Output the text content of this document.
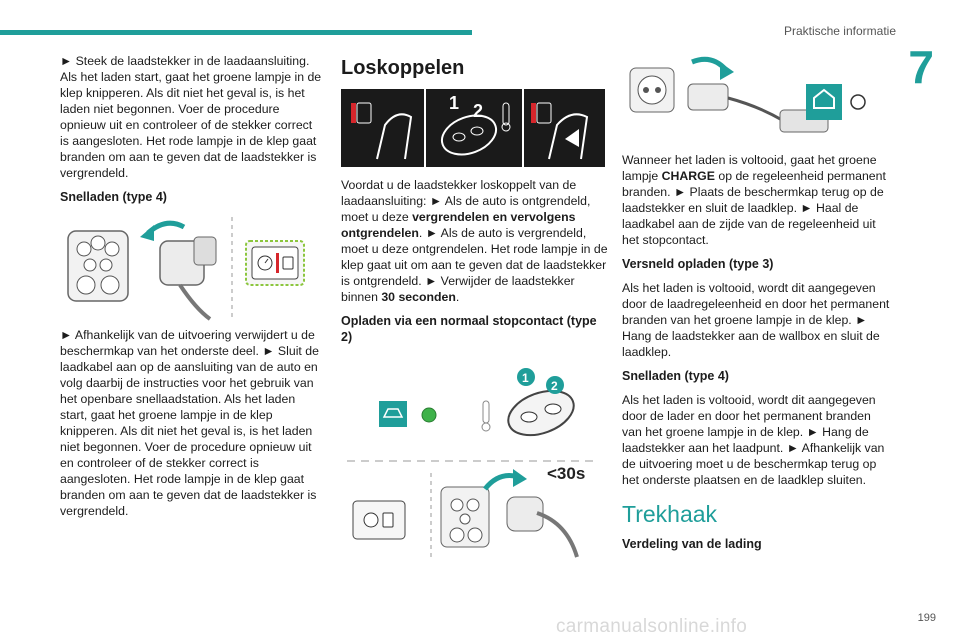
Praktische informatie
7

► Steek de laadstekker in de laadaansluiting. Als het laden start, gaat het groene lampje in de klep knipperen. Als dit niet het geval is, is het laden niet begonnen. Voer de procedure opnieuw uit en controleer of de stekker correct is aangesloten. Het rode lampje in de klep gaat branden om aan te geven dat de laadstekker is vergrendeld.

Snelladen (type 4)

► Afhankelijk van de uitvoering verwijdert u de beschermkap van het onderste deel. ► Sluit de laadkabel aan op de aansluiting van de auto en volg daarbij de instructies voor het gebruik van het openbare snellaadstation. Als het laden start, gaat het groene lampje in de klep knipperen. Als dit niet het geval is, is het laden niet begonnen. Voer de procedure opnieuw uit en controleer of de stekker correct is aangesloten. Het rode lampje in de klep gaat branden om aan te geven dat de laadstekker is vergrendeld.

Loskoppelen
1 2

Voordat u de laadstekker loskoppelt van de laadaansluiting: ► Als de auto is ontgrendeld, moet u deze vergrendelen en vervolgens ontgrendelen. ► Als de auto is vergrendeld, moet u deze ontgrendelen. Het rode lampje in de klep gaat uit om aan te geven dat de laadstekker is ontgrendeld. ► Verwijder de laadstekker binnen 30 seconden.

Opladen via een normaal stopcontact (type 2)

1
2
<30s

Wanneer het laden is voltooid, gaat het groene lampje CHARGE op de regeleenheid permanent branden. ► Plaats de beschermkap terug op de laadstekker en sluit de laadklep. ► Haal de laadkabel aan de zijde van de regeleenheid uit het stopcontact.

Versneld opladen (type 3)

Als het laden is voltooid, wordt dit aangegeven door de laadregeleenheid en door het permanent branden van het groene lampje in de klep. ► Hang de laadstekker aan de wallbox en sluit de laadklep.

Snelladen (type 4)

Als het laden is voltooid, wordt dit aangegeven door de lader en door het permanent branden van het groene lampje in de klep. ► Hang de laadstekker aan het laadpunt. ► Afhankelijk van de uitvoering moet u de beschermkap terug op het onderste plaatsen en de laadklep sluiten.

Trekhaak

Verdeling van de lading

199
carmanualsonline.info
